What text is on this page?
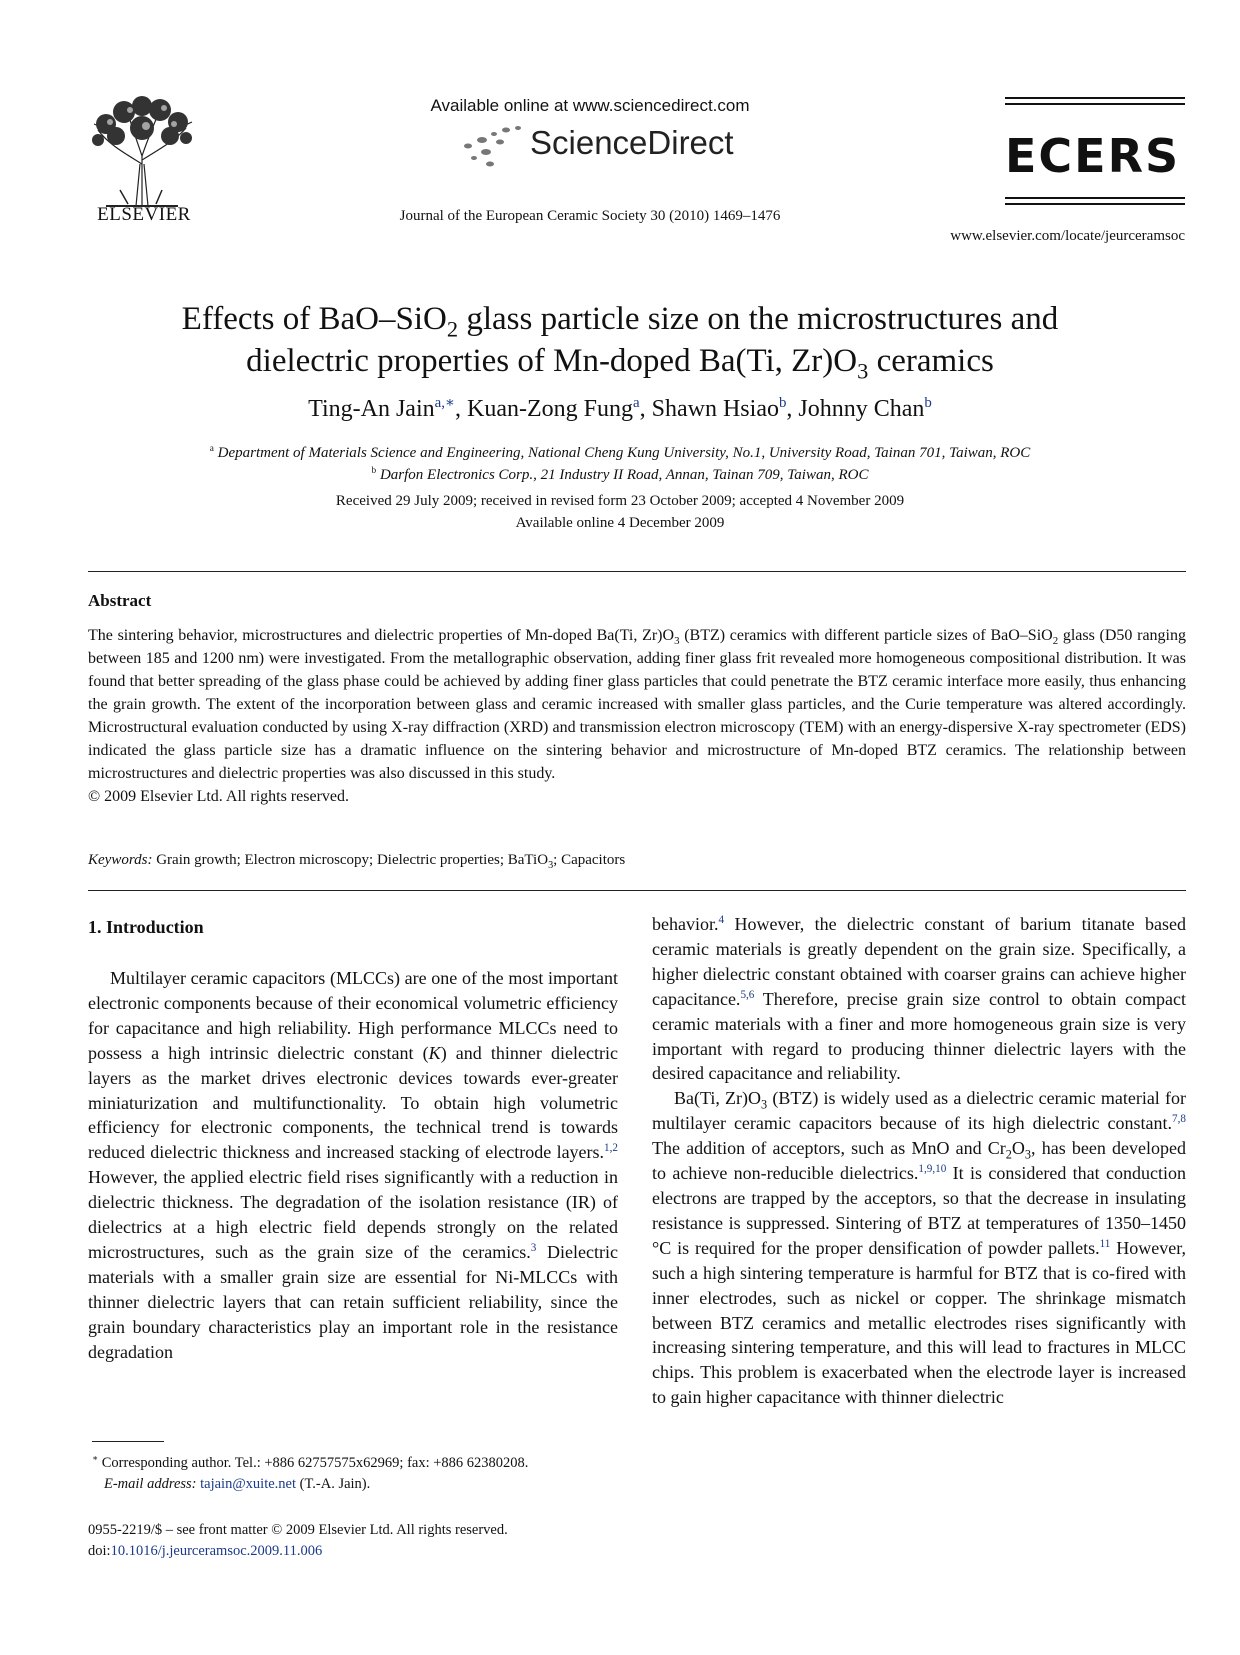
ELSEVIER
Available online at www.sciencedirect.com
ScienceDirect
Journal of the European Ceramic Society 30 (2010) 1469–1476
ECERS
www.elsevier.com/locate/jeurceramsoc
Effects of BaO–SiO$_2$ glass particle size on the microstructures and
dielectric properties of Mn-doped Ba(Ti, $Zr)O_3$ ceramics
Ting-An Jain$^{a,∗}$, Kuan-Zong Fung$^a$, Shawn Hsiao$^b$, Johnny Chan$^b$
$^a$ Department of Materials Science and Engineering, National Cheng Kung University, No.1, University Road, Tainan 701, Taiwan, ROC
$^b$ Darfon Electronics Corp., 21 Industry II Road, Annan, Tainan 709, Taiwan, ROC
Received 29 July 2009; received in revised form 23 October 2009; accepted 4 November 2009
Available online 4 December 2009
Abstract
The sintering behavior, microstructures and dielectric properties of Mn-doped Ba(Ti, $Zr)O_3$ (BTZ) ceramics with different particle sizes of BaO–SiO$_2$ glass (D50 ranging between 185 and 1200 nm) were investigated. From the metallographic observation, adding finer glass frit revealed more homogeneous compositional distribution. It was found that better spreading of the glass phase could be achieved by adding finer glass particles that could penetrate the BTZ ceramic interface more easily, thus enhancing the grain growth. The extent of the incorporation between glass and ceramic increased with smaller glass particles, and the Curie temperature was altered accordingly. Microstructural evaluation conducted by using X-ray diffraction (XRD) and transmission electron microscopy (TEM) with an energy-dispersive X-ray spectrometer (EDS) indicated the glass particle size has a dramatic influence on the sintering behavior and microstructure of Mn-doped BTZ ceramics. The relationship between microstructures and dielectric properties was also discussed in this study.
© 2009 Elsevier Ltd. All rights reserved.
Keywords: Grain growth; Electron microscopy; Dielectric properties; BaTiO$_3$; Capacitors
1. Introduction

Multilayer ceramic capacitors (MLCCs) are one of the most important electronic components because of their economical volumetric efficiency for capacitance and high reliability. High performance MLCCs need to possess a high intrinsic dielectric constant (K) and thinner dielectric layers as the market drives electronic devices towards ever-greater miniaturization and multifunctionality. To obtain high volumetric efficiency for electronic components, the technical trend is towards reduced dielectric thickness and increased stacking of electrode layers.$^{1,2}$ However, the applied electric field rises significantly with a reduction in dielectric thickness. The degradation of the isolation resistance (IR) of dielectrics at a high electric field depends strongly on the related microstructures, such as the grain size of the ceramics.$^3$ Dielectric materials with a smaller grain size are essential for Ni-MLCCs with thinner dielectric layers that can retain sufficient reliability, since the grain boundary characteristics play an important role in the resistance degradation

behavior.$^4$ However, the dielectric constant of barium titanate based ceramic materials is greatly dependent on the grain size. Specifically, a higher dielectric constant obtained with coarser grains can achieve higher capacitance.$^{5,6}$ Therefore, precise grain size control to obtain compact ceramic materials with a finer and more homogeneous grain size is very important with regard to producing thinner dielectric layers with the desired capacitance and reliability.

Ba(Ti, $Zr)O_3$ (BTZ) is widely used as a dielectric ceramic material for multilayer ceramic capacitors because of its high dielectric constant.$^{7,8}$ The addition of acceptors, such as MnO and $Cr_2O_3$, has been developed to achieve non-reducible dielectrics.$^{1,9,10}$ It is considered that conduction electrons are trapped by the acceptors, so that the decrease in insulating resistance is suppressed. Sintering of BTZ at temperatures of 1350–1450 °C is required for the proper densification of powder pallets.$^{11}$ However, such a high sintering temperature is harmful for BTZ that is co-fired with inner electrodes, such as nickel or copper. The shrinkage mismatch between BTZ ceramics and metallic electrodes rises significantly with increasing sintering temperature, and this will lead to fractures in MLCC chips. This problem is exacerbated when the electrode layer is increased to gain higher capacitance with thinner dielectric

∗ Corresponding author. Tel.: +886 62757575x62969; fax: +886 62380208.
E-mail address: tajain@xuite.net (T.-A. Jain).
0955-2219/$ – see front matter © 2009 Elsevier Ltd. All rights reserved.
doi:10.1016/j.jeurceramsoc.2009.11.006
